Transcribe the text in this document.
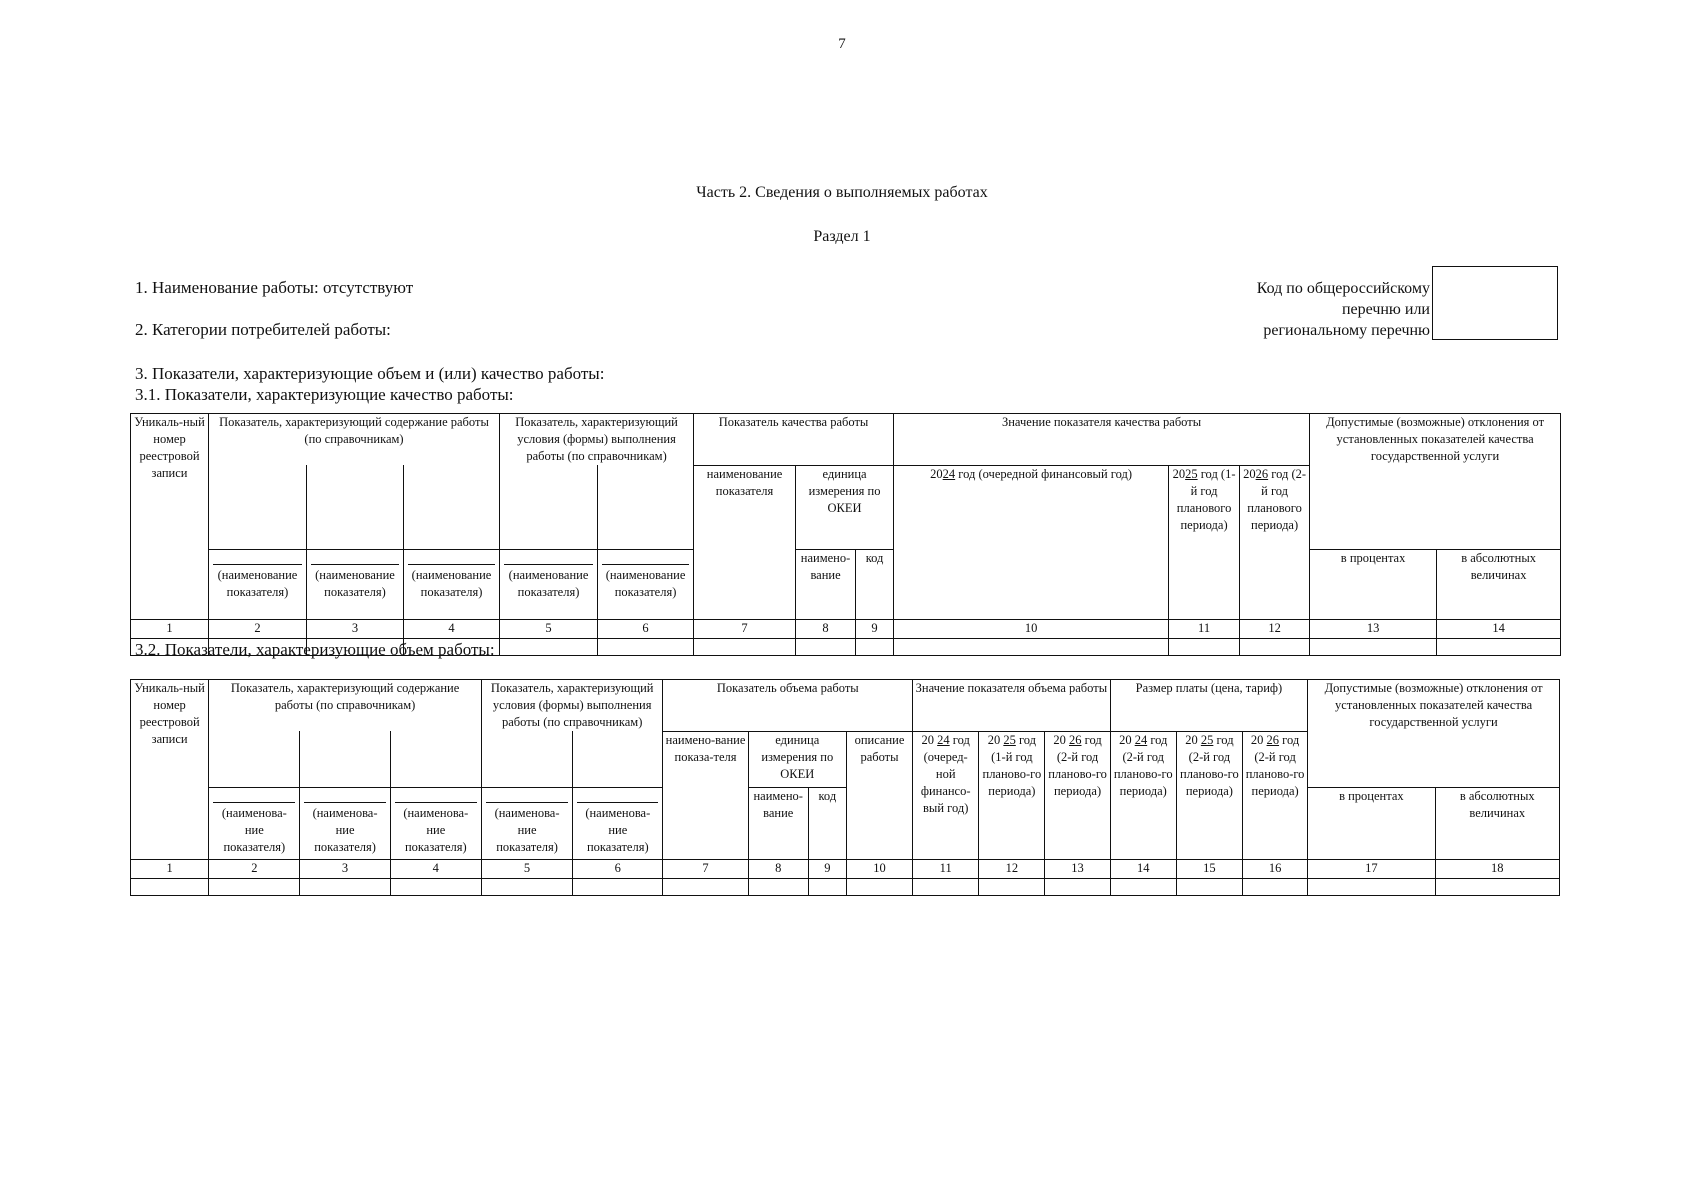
7
Часть 2. Сведения о выполняемых работах
Раздел 1
1. Наименование работы: отсутствуют
2. Категории потребителей работы:
Код по общероссийскому
перечню или
региональному перечню
3. Показатели, характеризующие объем и (или) качество работы:
3.1. Показатели, характеризующие качество работы:
Уникаль-ный номер реестровой записи	Показатель, характеризующий содержание работы (по справочникам)			Показатель, характеризующий условия (формы) выполнения работы (по справочникам)		Показатель качества работы			Значение показателя качества работы			Допустимые (возможные) отклонения от установленных показателей качества государственной услуги	
						наименование показателя	единица измерения по ОКЕИ		2024 год (очередной финансовый год)	2025 год (1-й год планового периода)	2026 год (2-й год планового периода)		

	(наименование показателя)	(наименование показателя)	(наименование показателя)	(наименование показателя)	(наименование показателя)		наимено-вание	код				в процентах	в абсолютных величинах
1	2	3	4	5	6	7	8	9	10	11	12	13	14

3.2. Показатели, характеризующие объем работы:
Уникаль-ный номер реестровой записи	Показатель, характеризующий содержание работы (по справочникам)			Показатель, характеризующий условия (формы) выполнения работы (по справочникам)		Показатель объема работы				Значение показателя объема работы			Размер платы (цена, тариф)			Допустимые (возможные) отклонения от установленных показателей качества государственной услуги	
						наимено-вание показа-теля	единица измерения по ОКЕИ		описание работы	20 24 год (очеред-ной финансо-вый год)	20 25 год (1-й год планово-го периода)	20 26 год (2-й год планово-го периода)	20 24 год (2-й год планово-го периода)	20 25 год (2-й год планово-го периода)	20 26 год (2-й год планово-го периода)		

	(наименова-ние показателя)	(наименова-ние показателя)	(наименова-ние показателя)	(наименова-ние показателя)	(наименова-ние показателя)		наимено-вание	код								в процентах	в абсолютных величинах
1	2	3	4	5	6	7	8	9	10	11	12	13	14	15	16	17	18
